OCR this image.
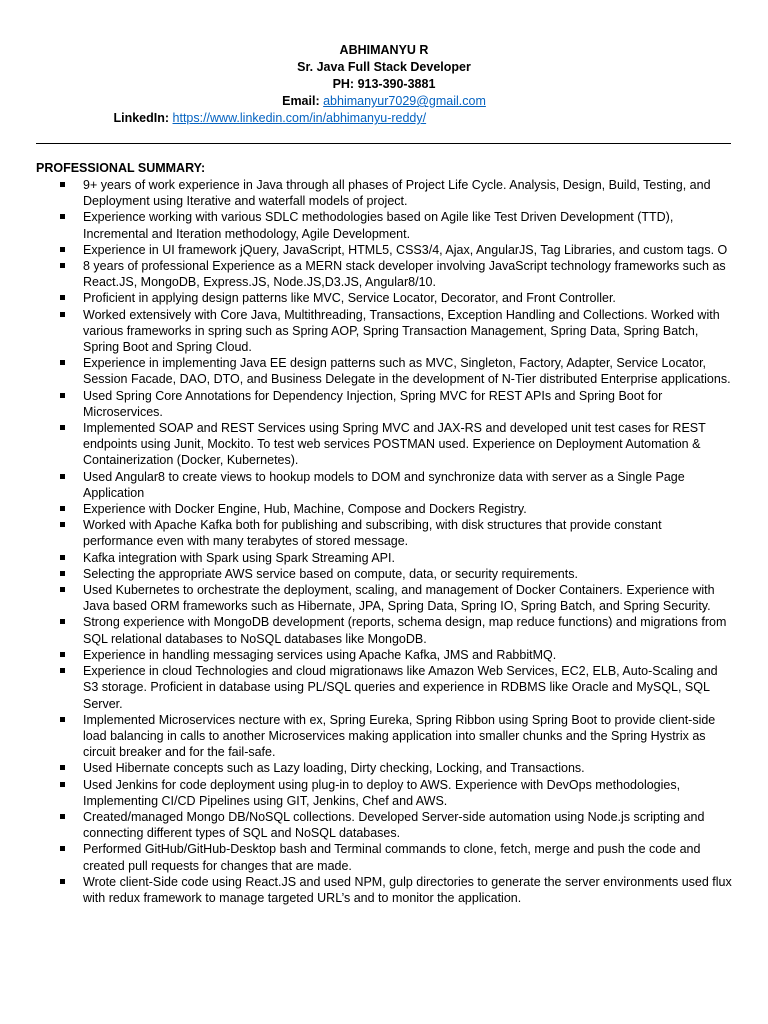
ABHIMANYU R
Sr. Java Full Stack Developer
PH: 913-390-3881
Email: abhimanyur7029@gmail.com
LinkedIn: https://www.linkedin.com/in/abhimanyu-reddy/
PROFESSIONAL SUMMARY:
9+ years of work experience in Java through all phases of Project Life Cycle. Analysis, Design, Build, Testing, and Deployment using Iterative and waterfall models of project.
Experience working with various SDLC methodologies based on Agile like Test Driven Development (TTD), Incremental and Iteration methodology, Agile Development.
Experience in UI framework jQuery, JavaScript, HTML5, CSS3/4, Ajax, AngularJS, Tag Libraries, and custom tags. O
8 years of professional Experience as a MERN stack developer involving JavaScript technology frameworks such as React.JS, MongoDB, Express.JS, Node.JS,D3.JS, Angular8/10.
Proficient in applying design patterns like MVC, Service Locator, Decorator, and Front Controller.
Worked extensively with Core Java, Multithreading, Transactions, Exception Handling and Collections. Worked with various frameworks in spring such as Spring AOP, Spring Transaction Management, Spring Data, Spring Batch, Spring Boot and Spring Cloud.
Experience in implementing Java EE design patterns such as MVC, Singleton, Factory, Adapter, Service Locator, Session Facade, DAO, DTO, and Business Delegate in the development of N-Tier distributed Enterprise applications.
Used Spring Core Annotations for Dependency Injection, Spring MVC for REST APIs and Spring Boot for Microservices.
Implemented SOAP and REST Services using Spring MVC and JAX-RS and developed unit test cases for REST endpoints using Junit, Mockito. To test web services POSTMAN used. Experience on Deployment Automation & Containerization (Docker, Kubernetes).
Used Angular8 to create views to hookup models to DOM and synchronize data with server as a Single Page Application
Experience with Docker Engine, Hub, Machine, Compose and Dockers Registry.
Worked with Apache Kafka both for publishing and subscribing, with disk structures that provide constant performance even with many terabytes of stored message.
Kafka integration with Spark using Spark Streaming API.
Selecting the appropriate AWS service based on compute, data, or security requirements.
Used Kubernetes to orchestrate the deployment, scaling, and management of Docker Containers. Experience with Java based ORM frameworks such as Hibernate, JPA, Spring Data, Spring IO, Spring Batch, and Spring Security.
Strong experience with MongoDB development (reports, schema design, map reduce functions) and migrations from SQL relational databases to NoSQL databases like MongoDB.
Experience in handling messaging services using Apache Kafka, JMS and RabbitMQ.
Experience in cloud Technologies and cloud migrationaws like Amazon Web Services, EC2, ELB, Auto-Scaling and S3 storage. Proficient in database using PL/SQL queries and experience in RDBMS like Oracle and MySQL, SQL Server.
Implemented Microservices necture with ex, Spring Eureka, Spring Ribbon using Spring Boot to provide client-side load balancing in calls to another Microservices making application into smaller chunks and the Spring Hystrix as circuit breaker and for the fail-safe.
Used Hibernate concepts such as Lazy loading, Dirty checking, Locking, and Transactions.
Used Jenkins for code deployment using plug-in to deploy to AWS. Experience with DevOps methodologies, Implementing CI/CD Pipelines using GIT, Jenkins, Chef and AWS.
Created/managed Mongo DB/NoSQL collections. Developed Server-side automation using Node.js scripting and connecting different types of SQL and NoSQL databases.
Performed GitHub/GitHub-Desktop bash and Terminal commands to clone, fetch, merge and push the code and created pull requests for changes that are made.
Wrote client-Side code using React.JS and used NPM, gulp directories to generate the server environments used flux with redux framework to manage targeted URL’s and to monitor the application.
